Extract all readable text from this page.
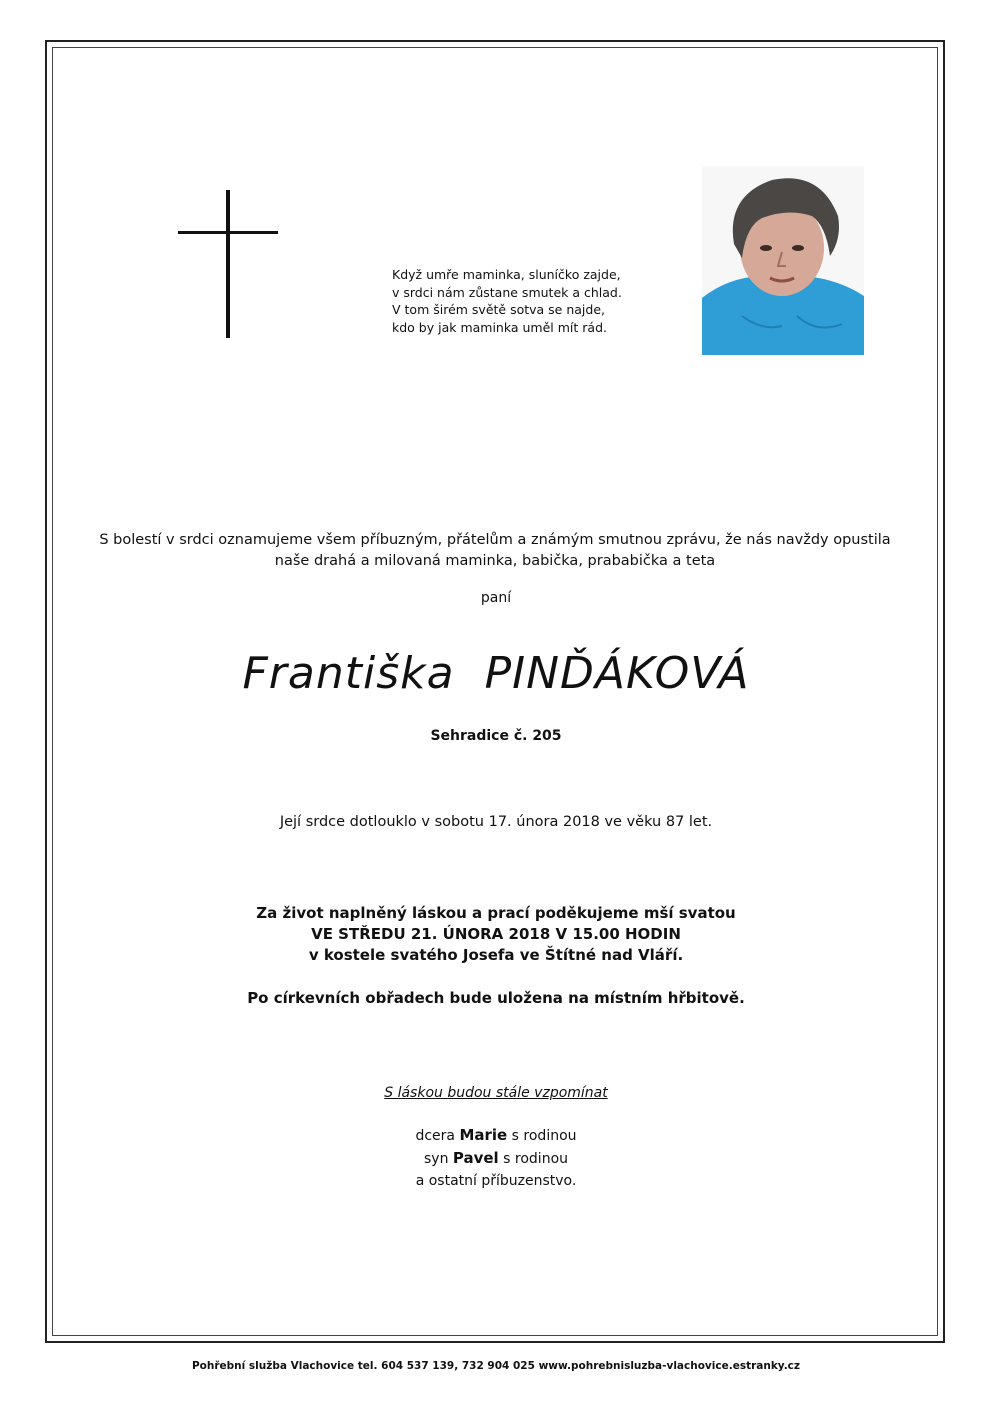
Když umře maminka, sluníčko zajde,
v srdci nám zůstane smutek a chlad.
V tom širém světě sotva se najde,
kdo by jak maminka uměl mít rád.
S bolestí v srdci oznamujeme všem příbuzným, přátelům a známým smutnou zprávu, že nás navždy opustila
naše drahá a milovaná maminka, babička, prababička a teta
paní
Františka PINĎÁKOVÁ
Sehradice č. 205
Její srdce dotlouklo v sobotu 17. února 2018 ve věku 87 let.
Za život naplněný láskou a prací poděkujeme mší svatou
VE STŘEDU 21. ÚNORA 2018 V 15.00 HODIN
v kostele svatého Josefa ve Štítné nad Vláří.
Po církevních obřadech bude uložena na místním hřbitově.
S láskou budou stále vzpomínat
dcera Marie s rodinou
syn Pavel s rodinou
a ostatní příbuzenstvo.
Pohřební služba Vlachovice tel. 604 537 139, 732 904 025 www.pohrebnisluzba-vlachovice.estranky.cz
